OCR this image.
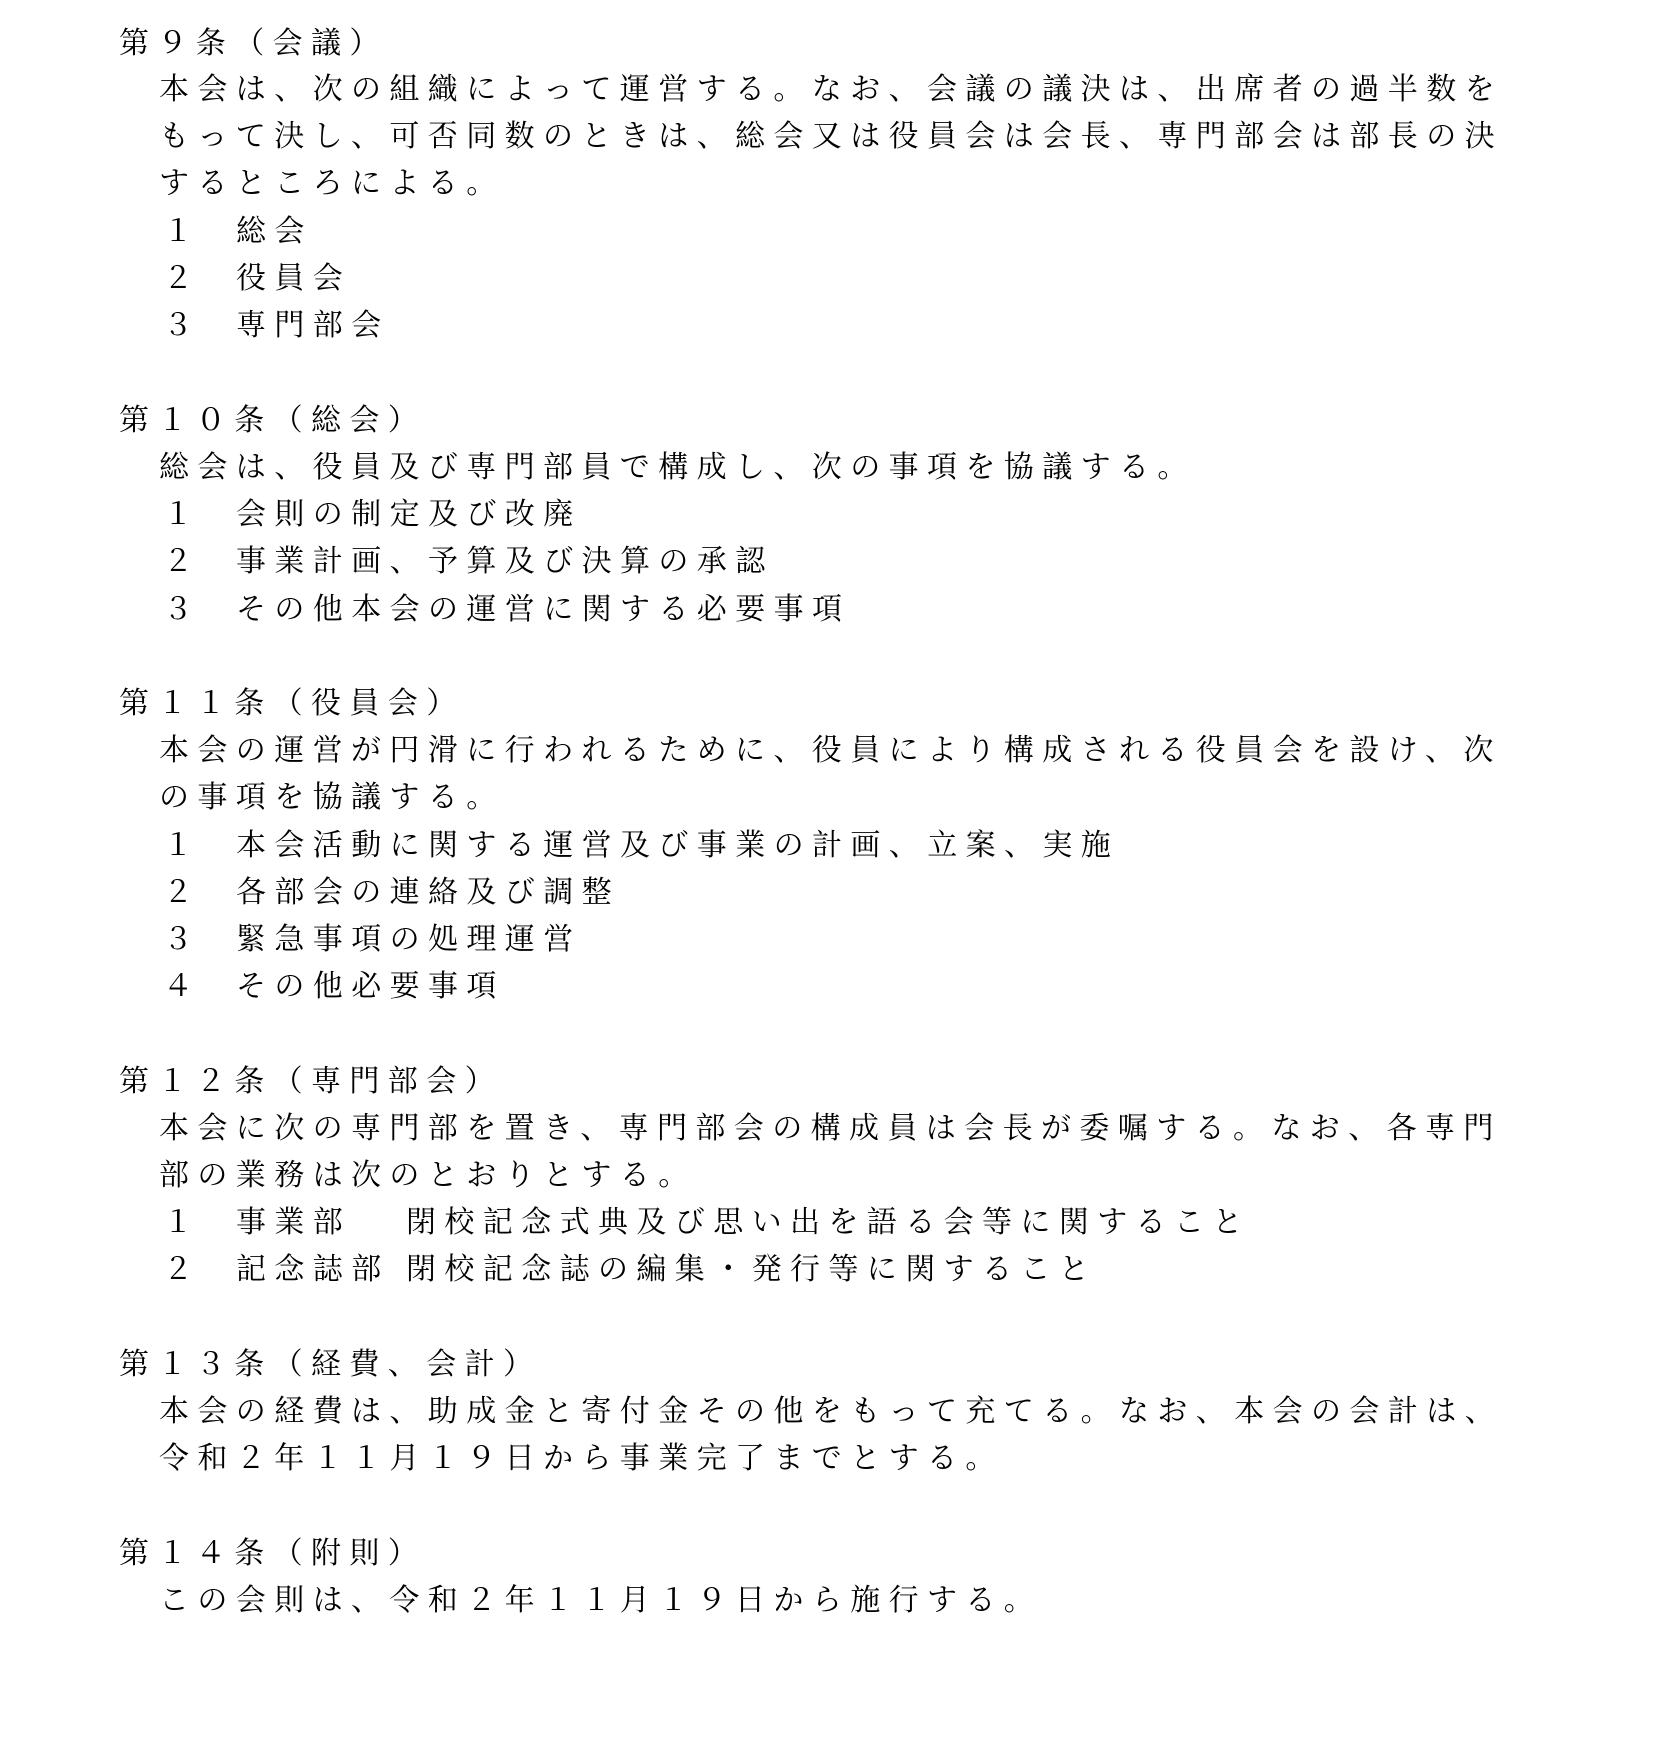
第９条（会議）
本会は、次の組織によって運営する。なお、会議の議決は、出席者の過半数を
もって決し、可否同数のときは、総会又は役員会は会長、専門部会は部長の決
するところによる。
１ 総会
２ 役員会
３ 専門部会
第１０条（総会）
総会は、役員及び専門部員で構成し、次の事項を協議する。
１ 会則の制定及び改廃
２ 事業計画、予算及び決算の承認
３ その他本会の運営に関する必要事項
第１１条（役員会）
本会の運営が円滑に行われるために、役員により構成される役員会を設け、次
の事項を協議する。
１ 本会活動に関する運営及び事業の計画、立案、実施
２ 各部会の連絡及び調整
３ 緊急事項の処理運営
４ その他必要事項
第１２条（専門部会）
本会に次の専門部を置き、専門部会の構成員は会長が委嘱する。なお、各専門
部の業務は次のとおりとする。
１ 事業部 閉校記念式典及び思い出を語る会等に関すること
２ 記念誌部 閉校記念誌の編集・発行等に関すること
第１３条（経費、会計）
本会の経費は、助成金と寄付金その他をもって充てる。なお、本会の会計は、
令和２年１１月１９日から事業完了までとする。
第１４条（附則）
この会則は、令和２年１１月１９日から施行する。
